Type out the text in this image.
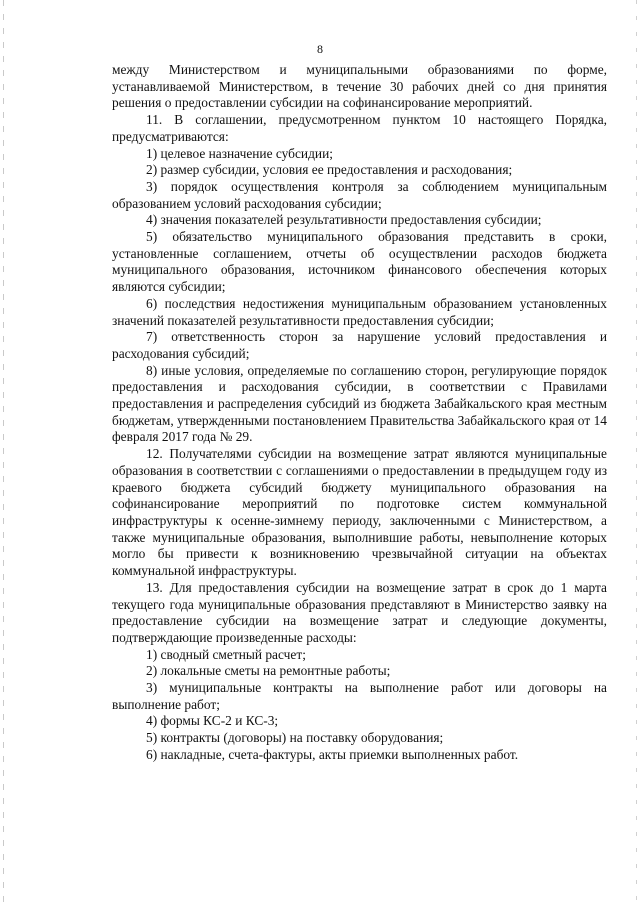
8

между Министерством и муниципальными образованиями по форме, устанавливаемой Министерством, в течение 30 рабочих дней со дня принятия решения о предоставлении субсидии на софинансирование мероприятий.

11. В соглашении, предусмотренном пунктом 10 настоящего Порядка, предусматриваются:

1) целевое назначение субсидии;

2) размер субсидии, условия ее предоставления и расходования;

3) порядок осуществления контроля за соблюдением муниципальным образованием условий расходования субсидии;

4) значения показателей результативности предоставления субсидии;

5) обязательство муниципального образования представить в сроки, установленные соглашением, отчеты об осуществлении расходов бюджета муниципального образования, источником финансового обеспечения которых являются субсидии;

6) последствия недостижения муниципальным образованием установленных значений показателей результативности предоставления субсидии;

7) ответственность сторон за нарушение условий предоставления и расходования субсидий;

8) иные условия, определяемые по соглашению сторон, регулирующие порядок предоставления и расходования субсидии, в соответствии с Правилами предоставления и распределения субсидий из бюджета Забайкальского края местным бюджетам, утвержденными постановлением Правительства Забайкальского края от 14 февраля 2017 года № 29.

12. Получателями субсидии на возмещение затрат являются муниципальные образования в соответствии с соглашениями о предоставлении в предыдущем году из краевого бюджета субсидий бюджету муниципального образования на софинансирование мероприятий по подготовке систем коммунальной инфраструктуры к осенне-зимнему периоду, заключенными с Министерством, а также муниципальные образования, выполнившие работы, невыполнение которых могло бы привести к возникновению чрезвычайной ситуации на объектах коммунальной инфраструктуры.

13. Для предоставления субсидии на возмещение затрат в срок до 1 марта текущего года муниципальные образования представляют в Министерство заявку на предоставление субсидии на возмещение затрат и следующие документы, подтверждающие произведенные расходы:

1) сводный сметный расчет;

2) локальные сметы на ремонтные работы;

3) муниципальные контракты на выполнение работ или договоры на выполнение работ;

4) формы КС-2 и КС-3;

5) контракты (договоры) на поставку оборудования;

6) накладные, счета-фактуры, акты приемки выполненных работ.
